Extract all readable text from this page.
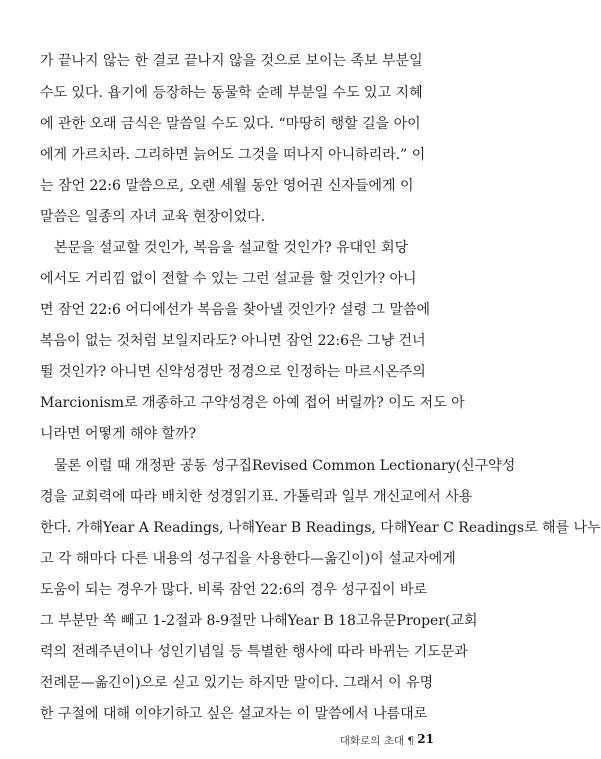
가 끝나지 않는 한 결코 끝나지 않을 것으로 보이는 족보 부분일
수도 있다. 욥기에 등장하는 동물학 순례 부분일 수도 있고 지혜
에 관한 오래 금식은 말씀일 수도 있다. “마땅히 행할 길을 아이
에게 가르치라. 그리하면 늙어도 그것을 떠나지 아니하리라.” 이
는 잠언 22:6 말씀으로, 오랜 세월 동안 영어권 신자들에게 이
말씀은 일종의 자녀 교육 현장이었다.
본문을 설교할 것인가, 복음을 설교할 것인가? 유대인 회당
에서도 거리낌 없이 전할 수 있는 그런 설교를 할 것인가? 아니
면 잠언 22:6 어디에선가 복음을 찾아낼 것인가? 설령 그 말씀에
복음이 없는 것처럼 보일지라도? 아니면 잠언 22:6은 그냥 건너
뛸 것인가? 아니면 신약성경만 정경으로 인정하는 마르시온주의
Marcionism로 개종하고 구약성경은 아예 접어 버릴까? 이도 저도 아
니라면 어떻게 해야 할까?
물론 이럴 때 개정판 공동 성구집Revised Common Lectionary(신구약성
경을 교회력에 따라 배치한 성경읽기표. 가톨릭과 일부 개신교에서 사용
한다. 가해Year A Readings, 나해Year B Readings, 다해Year C Readings로 해를 나누
고 각 해마다 다른 내용의 성구집을 사용한다—옮긴이)이 설교자에게
도움이 되는 경우가 많다. 비록 잠언 22:6의 경우 성구집이 바로
그 부분만 쏙 빼고 1-2절과 8-9절만 나해Year B 18고유문Proper(교회
력의 전례주년이나 성인기념일 등 특별한 행사에 따라 바뀌는 기도문과
전례문—옮긴이)으로 싣고 있기는 하지만 말이다. 그래서 이 유명
한 구절에 대해 이야기하고 싶은 설교자는 이 말씀에서 나름대로
대화로의 초대 ¶ 21
